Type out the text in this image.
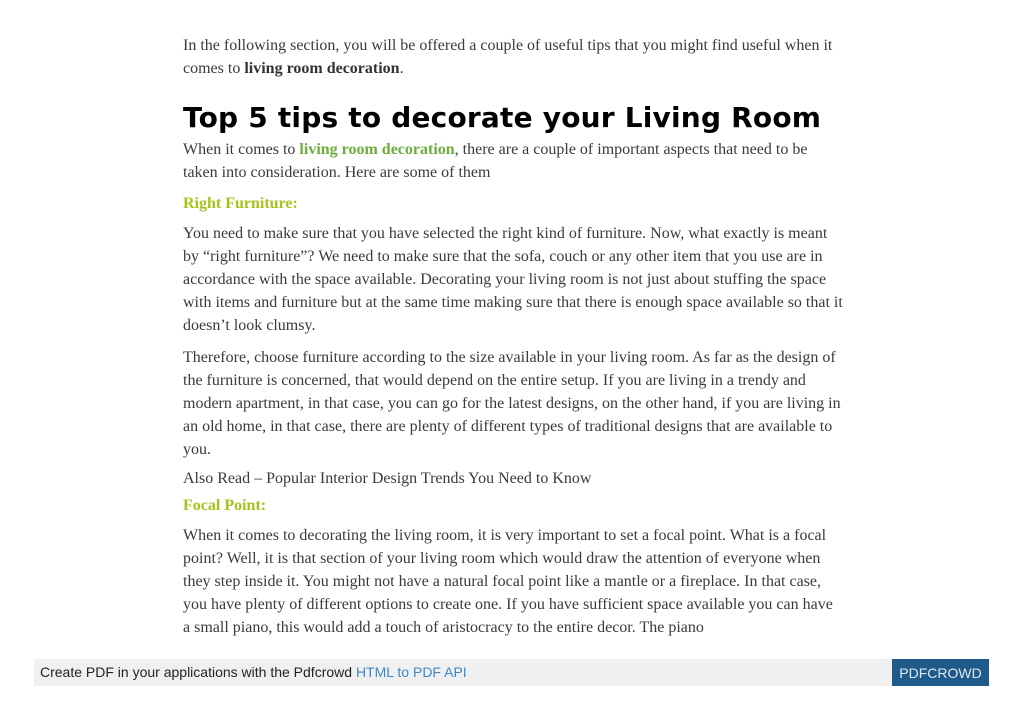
In the following section, you will be offered a couple of useful tips that you might find useful when it comes to living room decoration.

Top 5 tips to decorate your Living Room

When it comes to living room decoration, there are a couple of important aspects that need to be taken into consideration. Here are some of them

Right Furniture:

You need to make sure that you have selected the right kind of furniture. Now, what exactly is meant by “right furniture”? We need to make sure that the sofa, couch or any other item that you use are in accordance with the space available. Decorating your living room is not just about stuffing the space with items and furniture but at the same time making sure that there is enough space available so that it doesn’t look clumsy.

Therefore, choose furniture according to the size available in your living room. As far as the design of the furniture is concerned, that would depend on the entire setup. If you are living in a trendy and modern apartment, in that case, you can go for the latest designs, on the other hand, if you are living in an old home, in that case, there are plenty of different types of traditional designs that are available to you.

Also Read – Popular Interior Design Trends You Need to Know

Focal Point:

When it comes to decorating the living room, it is very important to set a focal point. What is a focal point? Well, it is that section of your living room which would draw the attention of everyone when they step inside it. You might not have a natural focal point like a mantle or a fireplace. In that case, you have plenty of different options to create one. If you have sufficient space available you can have a small piano, this would add a touch of aristocracy to the entire decor. The piano

Create PDF in your applications with the Pdfcrowd HTML to PDF API	PDFCROWD
